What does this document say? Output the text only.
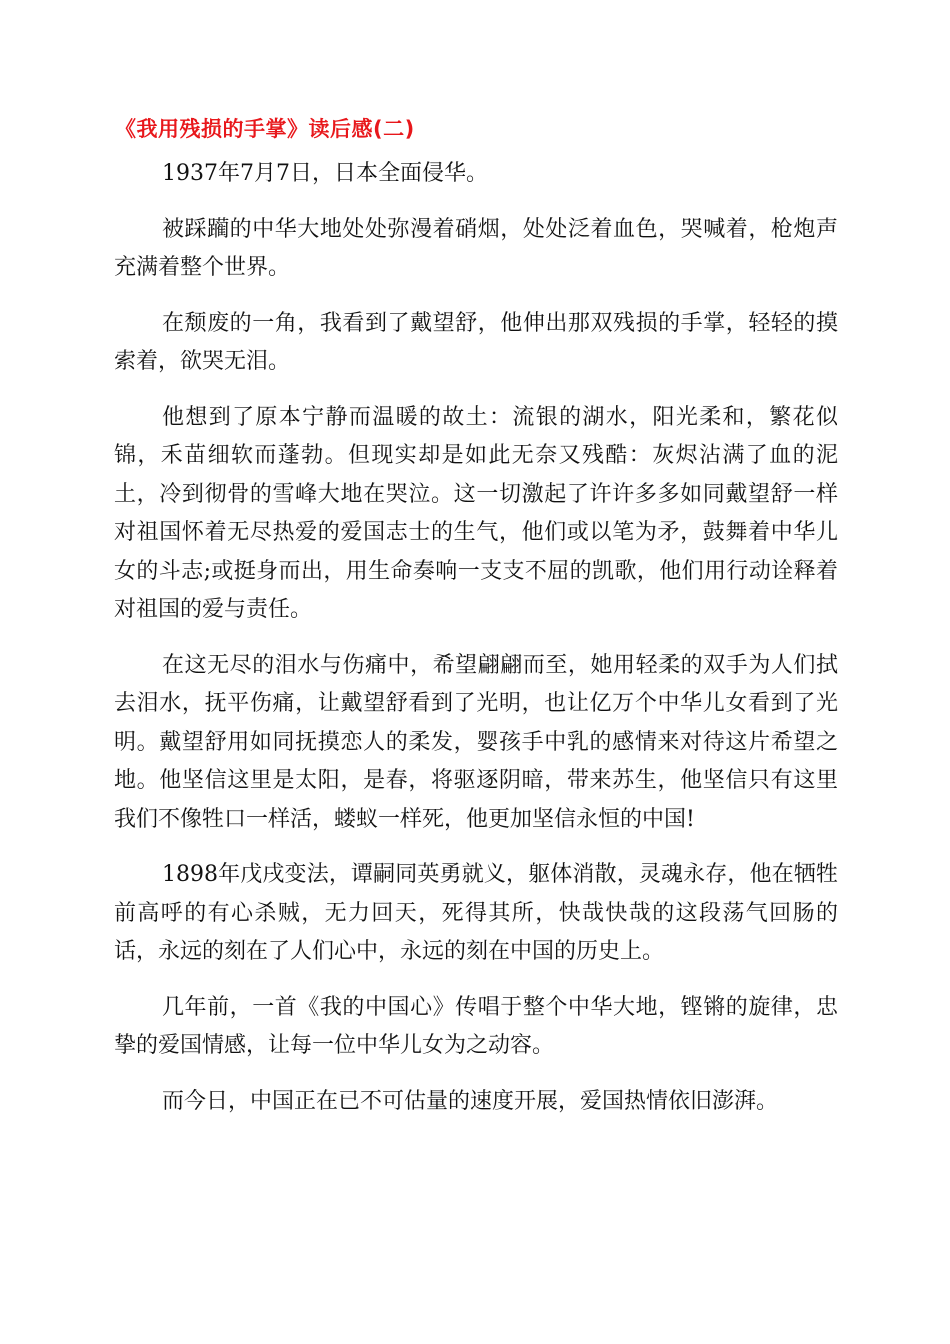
《我用残损的手掌》读后感(二)

1937年7月7日，日本全面侵华。

被踩躏的中华大地处处弥漫着硝烟，处处泛着血色，哭喊着，枪炮声充满着整个世界。

在颓废的一角，我看到了戴望舒，他伸出那双残损的手掌，轻轻的摸索着，欲哭无泪。

他想到了原本宁静而温暖的故土：流银的湖水，阳光柔和，繁花似锦，禾苗细软而蓬勃。但现实却是如此无奈又残酷：灰烬沾满了血的泥土，冷到彻骨的雪峰大地在哭泣。这一切激起了许许多多如同戴望舒一样对祖国怀着无尽热爱的爱国志士的生气，他们或以笔为矛，鼓舞着中华儿女的斗志;或挺身而出，用生命奏响一支支不屈的凯歌，他们用行动诠释着对祖国的爱与责任。

在这无尽的泪水与伤痛中，希望翩翩而至，她用轻柔的双手为人们拭去泪水，抚平伤痛，让戴望舒看到了光明，也让亿万个中华儿女看到了光明。戴望舒用如同抚摸恋人的柔发，婴孩手中乳的感情来对待这片希望之地。他坚信这里是太阳，是春，将驱逐阴暗，带来苏生，他坚信只有这里我们不像牲口一样活，蝼蚁一样死，他更加坚信永恒的中国!

1898年戊戌变法，谭嗣同英勇就义，躯体消散，灵魂永存，他在牺牲前高呼的有心杀贼，无力回天，死得其所，快哉快哉的这段荡气回肠的话，永远的刻在了人们心中，永远的刻在中国的历史上。

几年前，一首《我的中国心》传唱于整个中华大地，铿锵的旋律，忠挚的爱国情感，让每一位中华儿女为之动容。

而今日，中国正在已不可估量的速度开展，爱国热情依旧澎湃。
